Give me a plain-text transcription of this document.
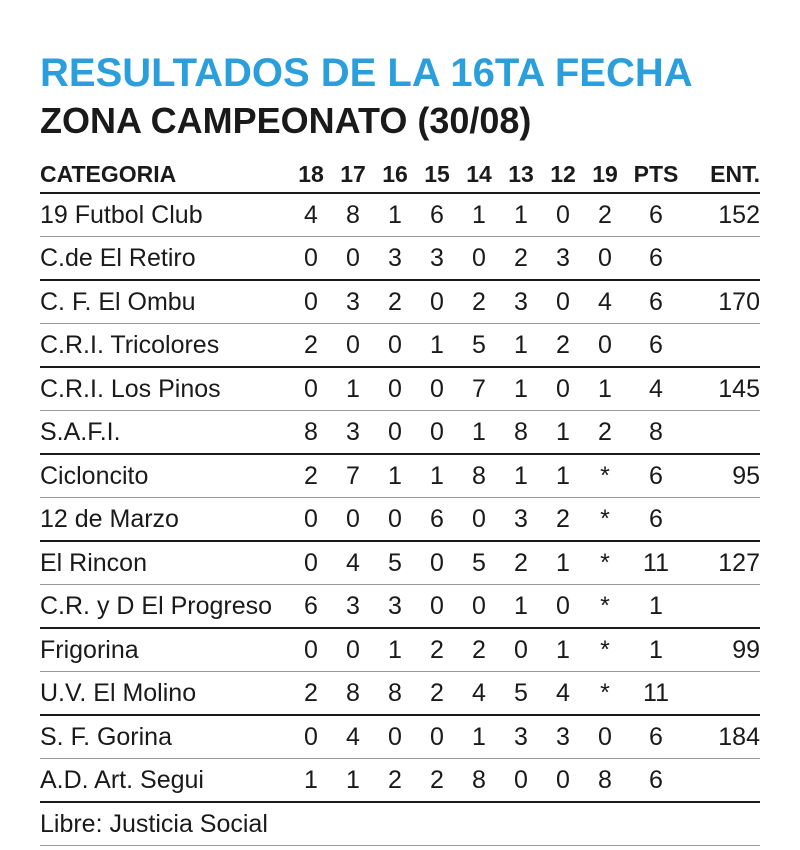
RESULTADOS DE LA 16TA FECHA
ZONA CAMPEONATO (30/08)
CATEGORIA	18	17	16	15	14	13	12	19	PTS	ENT.
19 Futbol Club	4	8	1	6	1	1	0	2	6	152
C.de El Retiro	0	0	3	3	0	2	3	0	6	
C. F. El Ombu	0	3	2	0	2	3	0	4	6	170
C.R.I. Tricolores	2	0	0	1	5	1	2	0	6	
C.R.I. Los Pinos	0	1	0	0	7	1	0	1	4	145
S.A.F.I.	8	3	0	0	1	8	1	2	8	
Cicloncito	2	7	1	1	8	1	1	*	6	95
12 de Marzo	0	0	0	6	0	3	2	*	6	
El Rincon	0	4	5	0	5	2	1	*	11	127
C.R. y D El Progreso	6	3	3	0	0	1	0	*	1	
Frigorina	0	0	1	2	2	0	1	*	1	99
U.V. El Molino	2	8	8	2	4	5	4	*	11	
S. F. Gorina	0	4	0	0	1	3	3	0	6	184
A.D. Art. Segui	1	1	2	2	8	0	0	8	6	
Libre: Justicia Social										
